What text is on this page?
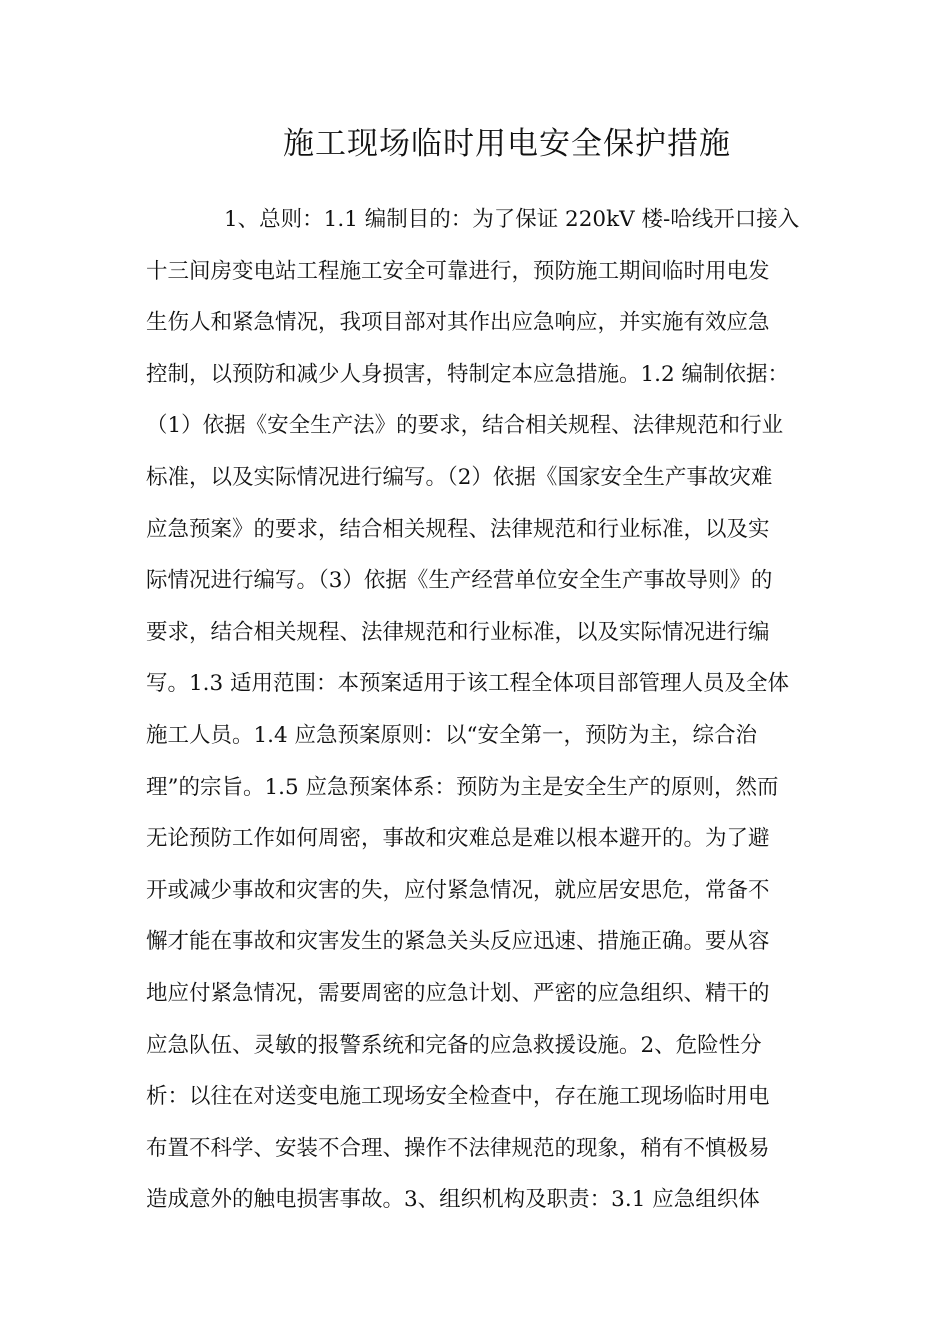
施工现场临时用电安全保护措施
1、总则：1.1 编制目的：为了保证 220kV 楼-哈线开口接入
十三间房变电站工程施工安全可靠进行，预防施工期间临时用电发
生伤人和紧急情况，我项目部对其作出应急响应，并实施有效应急
控制，以预防和减少人身损害，特制定本应急措施。1.2 编制依据：
（1）依据《安全生产法》的要求，结合相关规程、法律规范和行业
标准，以及实际情况进行编写。（2）依据《国家安全生产事故灾难
应急预案》的要求，结合相关规程、法律规范和行业标准，以及实
际情况进行编写。（3）依据《生产经营单位安全生产事故导则》的
要求，结合相关规程、法律规范和行业标准，以及实际情况进行编
写。1.3 适用范围：本预案适用于该工程全体项目部管理人员及全体
施工人员。1.4 应急预案原则：以“安全第一，预防为主，综合治
理”的宗旨。1.5 应急预案体系：预防为主是安全生产的原则，然而
无论预防工作如何周密，事故和灾难总是难以根本避开的。为了避
开或减少事故和灾害的失，应付紧急情况，就应居安思危，常备不
懈才能在事故和灾害发生的紧急关头反应迅速、措施正确。要从容
地应付紧急情况，需要周密的应急计划、严密的应急组织、精干的
应急队伍、灵敏的报警系统和完备的应急救援设施。2、危险性分
析：以往在对送变电施工现场安全检查中，存在施工现场临时用电
布置不科学、安装不合理、操作不法律规范的现象，稍有不慎极易
造成意外的触电损害事故。3、组织机构及职责：3.1 应急组织体
